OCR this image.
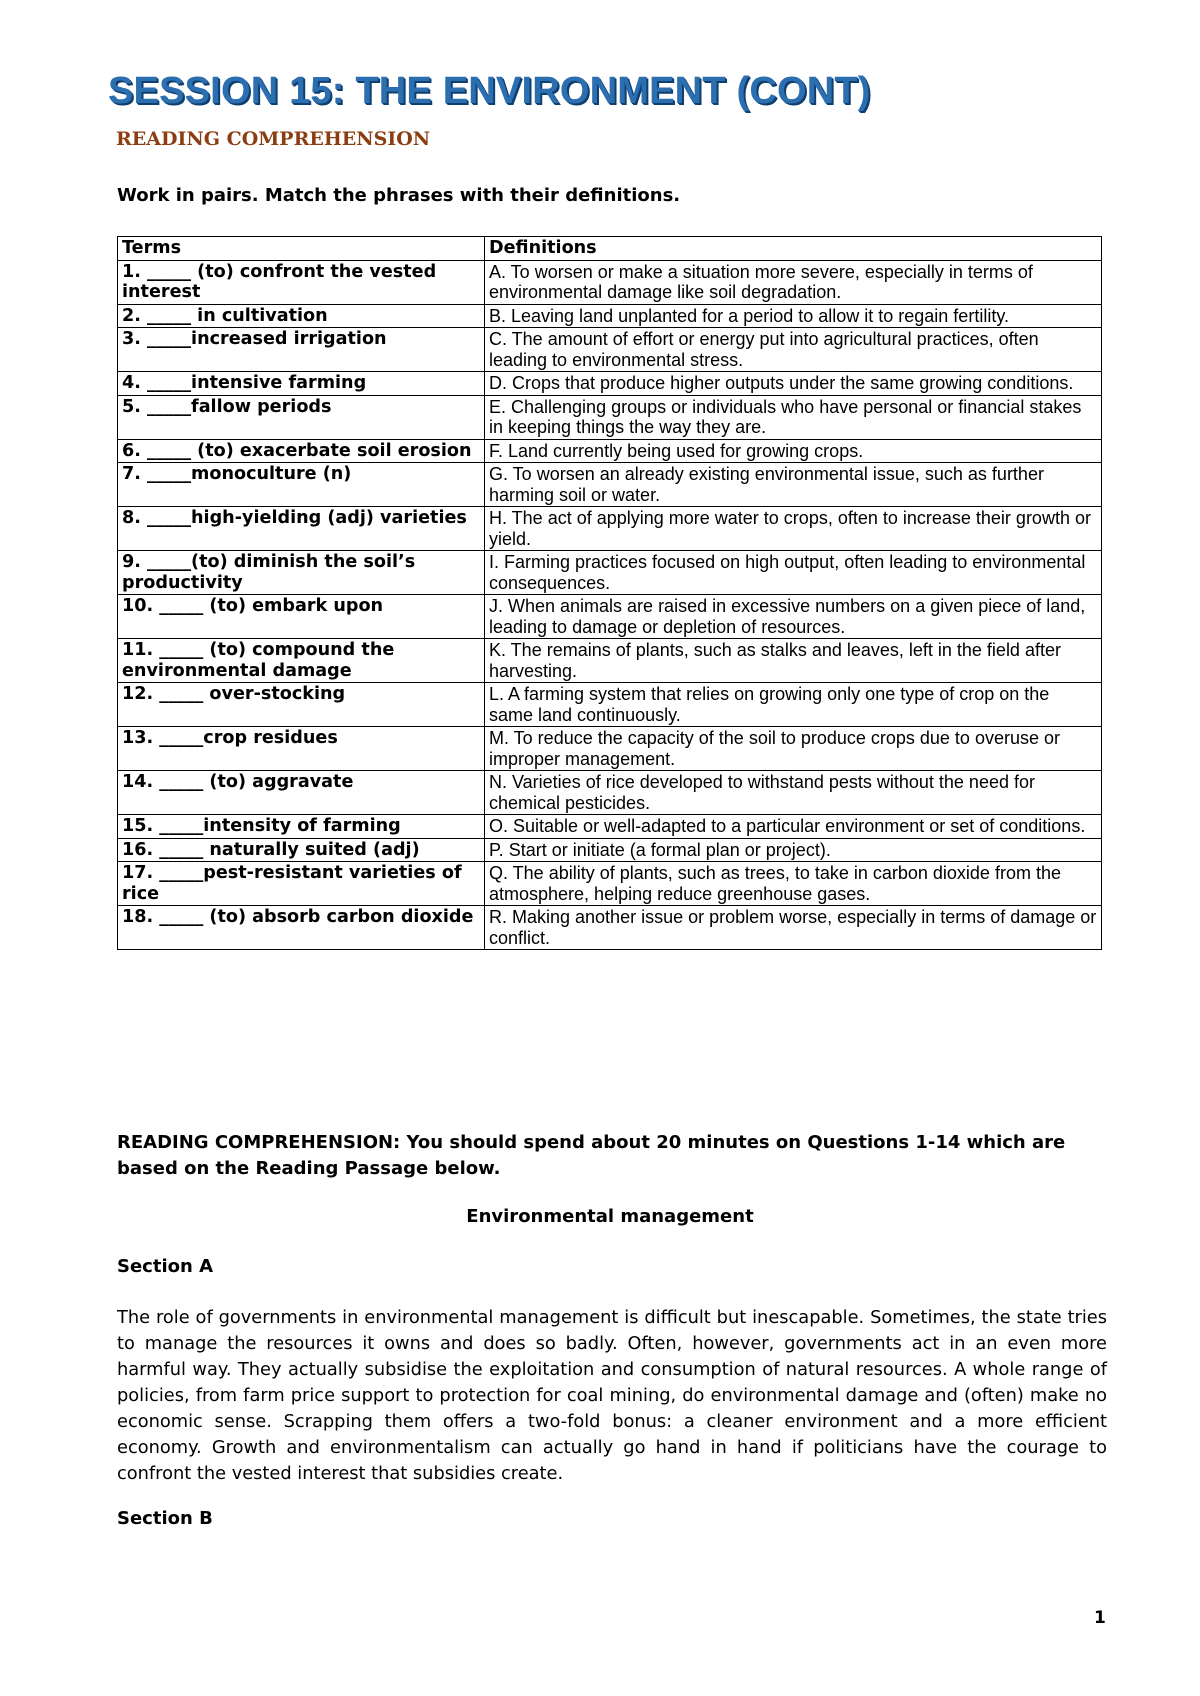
SESSION 15: THE ENVIRONMENT (CONT)
READING COMPREHENSION
Work in pairs. Match the phrases with their definitions.
Terms	Definitions
1. _____ (to) confront the vested interest	A. To worsen or make a situation more severe, especially in terms of environmental damage like soil degradation.
2. _____ in cultivation	B. Leaving land unplanted for a period to allow it to regain fertility.
3. _____increased irrigation	C. The amount of effort or energy put into agricultural practices, often leading to environmental stress.
4. _____intensive farming	D. Crops that produce higher outputs under the same growing conditions.
5. _____fallow periods	E. Challenging groups or individuals who have personal or financial stakes in keeping things the way they are.
6. _____ (to) exacerbate soil erosion	F. Land currently being used for growing crops.
7. _____monoculture (n)	G. To worsen an already existing environmental issue, such as further harming soil or water.
8. _____high-yielding (adj) varieties	H. The act of applying more water to crops, often to increase their growth or yield.
9. _____(to) diminish the soil’s productivity	I. Farming practices focused on high output, often leading to environmental consequences.
10. _____ (to) embark upon	J. When animals are raised in excessive numbers on a given piece of land, leading to damage or depletion of resources.
11. _____ (to) compound the environmental damage	K. The remains of plants, such as stalks and leaves, left in the field after harvesting.
12. _____ over-stocking	L. A farming system that relies on growing only one type of crop on the same land continuously.
13. _____crop residues	M. To reduce the capacity of the soil to produce crops due to overuse or improper management.
14. _____ (to) aggravate	N. Varieties of rice developed to withstand pests without the need for chemical pesticides.
15. _____intensity of farming	O. Suitable or well-adapted to a particular environment or set of conditions.
16. _____ naturally suited (adj)	P. Start or initiate (a formal plan or project).
17. _____pest-resistant varieties of rice	Q. The ability of plants, such as trees, to take in carbon dioxide from the atmosphere, helping reduce greenhouse gases.
18. _____ (to) absorb carbon dioxide	R. Making another issue or problem worse, especially in terms of damage or conflict.
READING COMPREHENSION: You should spend about 20 minutes on Questions 1-14 which are based on the Reading Passage below.
Environmental management
Section A
The role of governments in environmental management is difficult but inescapable. Sometimes, the state tries to manage the resources it owns and does so badly. Often, however, governments act in an even more harmful way. They actually subsidise the exploitation and consumption of natural resources. A whole range of policies, from farm price support to protection for coal mining, do environmental damage and (often) make no economic sense. Scrapping them offers a two-fold bonus: a cleaner environment and a more efficient economy. Growth and environmentalism can actually go hand in hand if politicians have the courage to confront the vested interest that subsidies create.
Section B
1
